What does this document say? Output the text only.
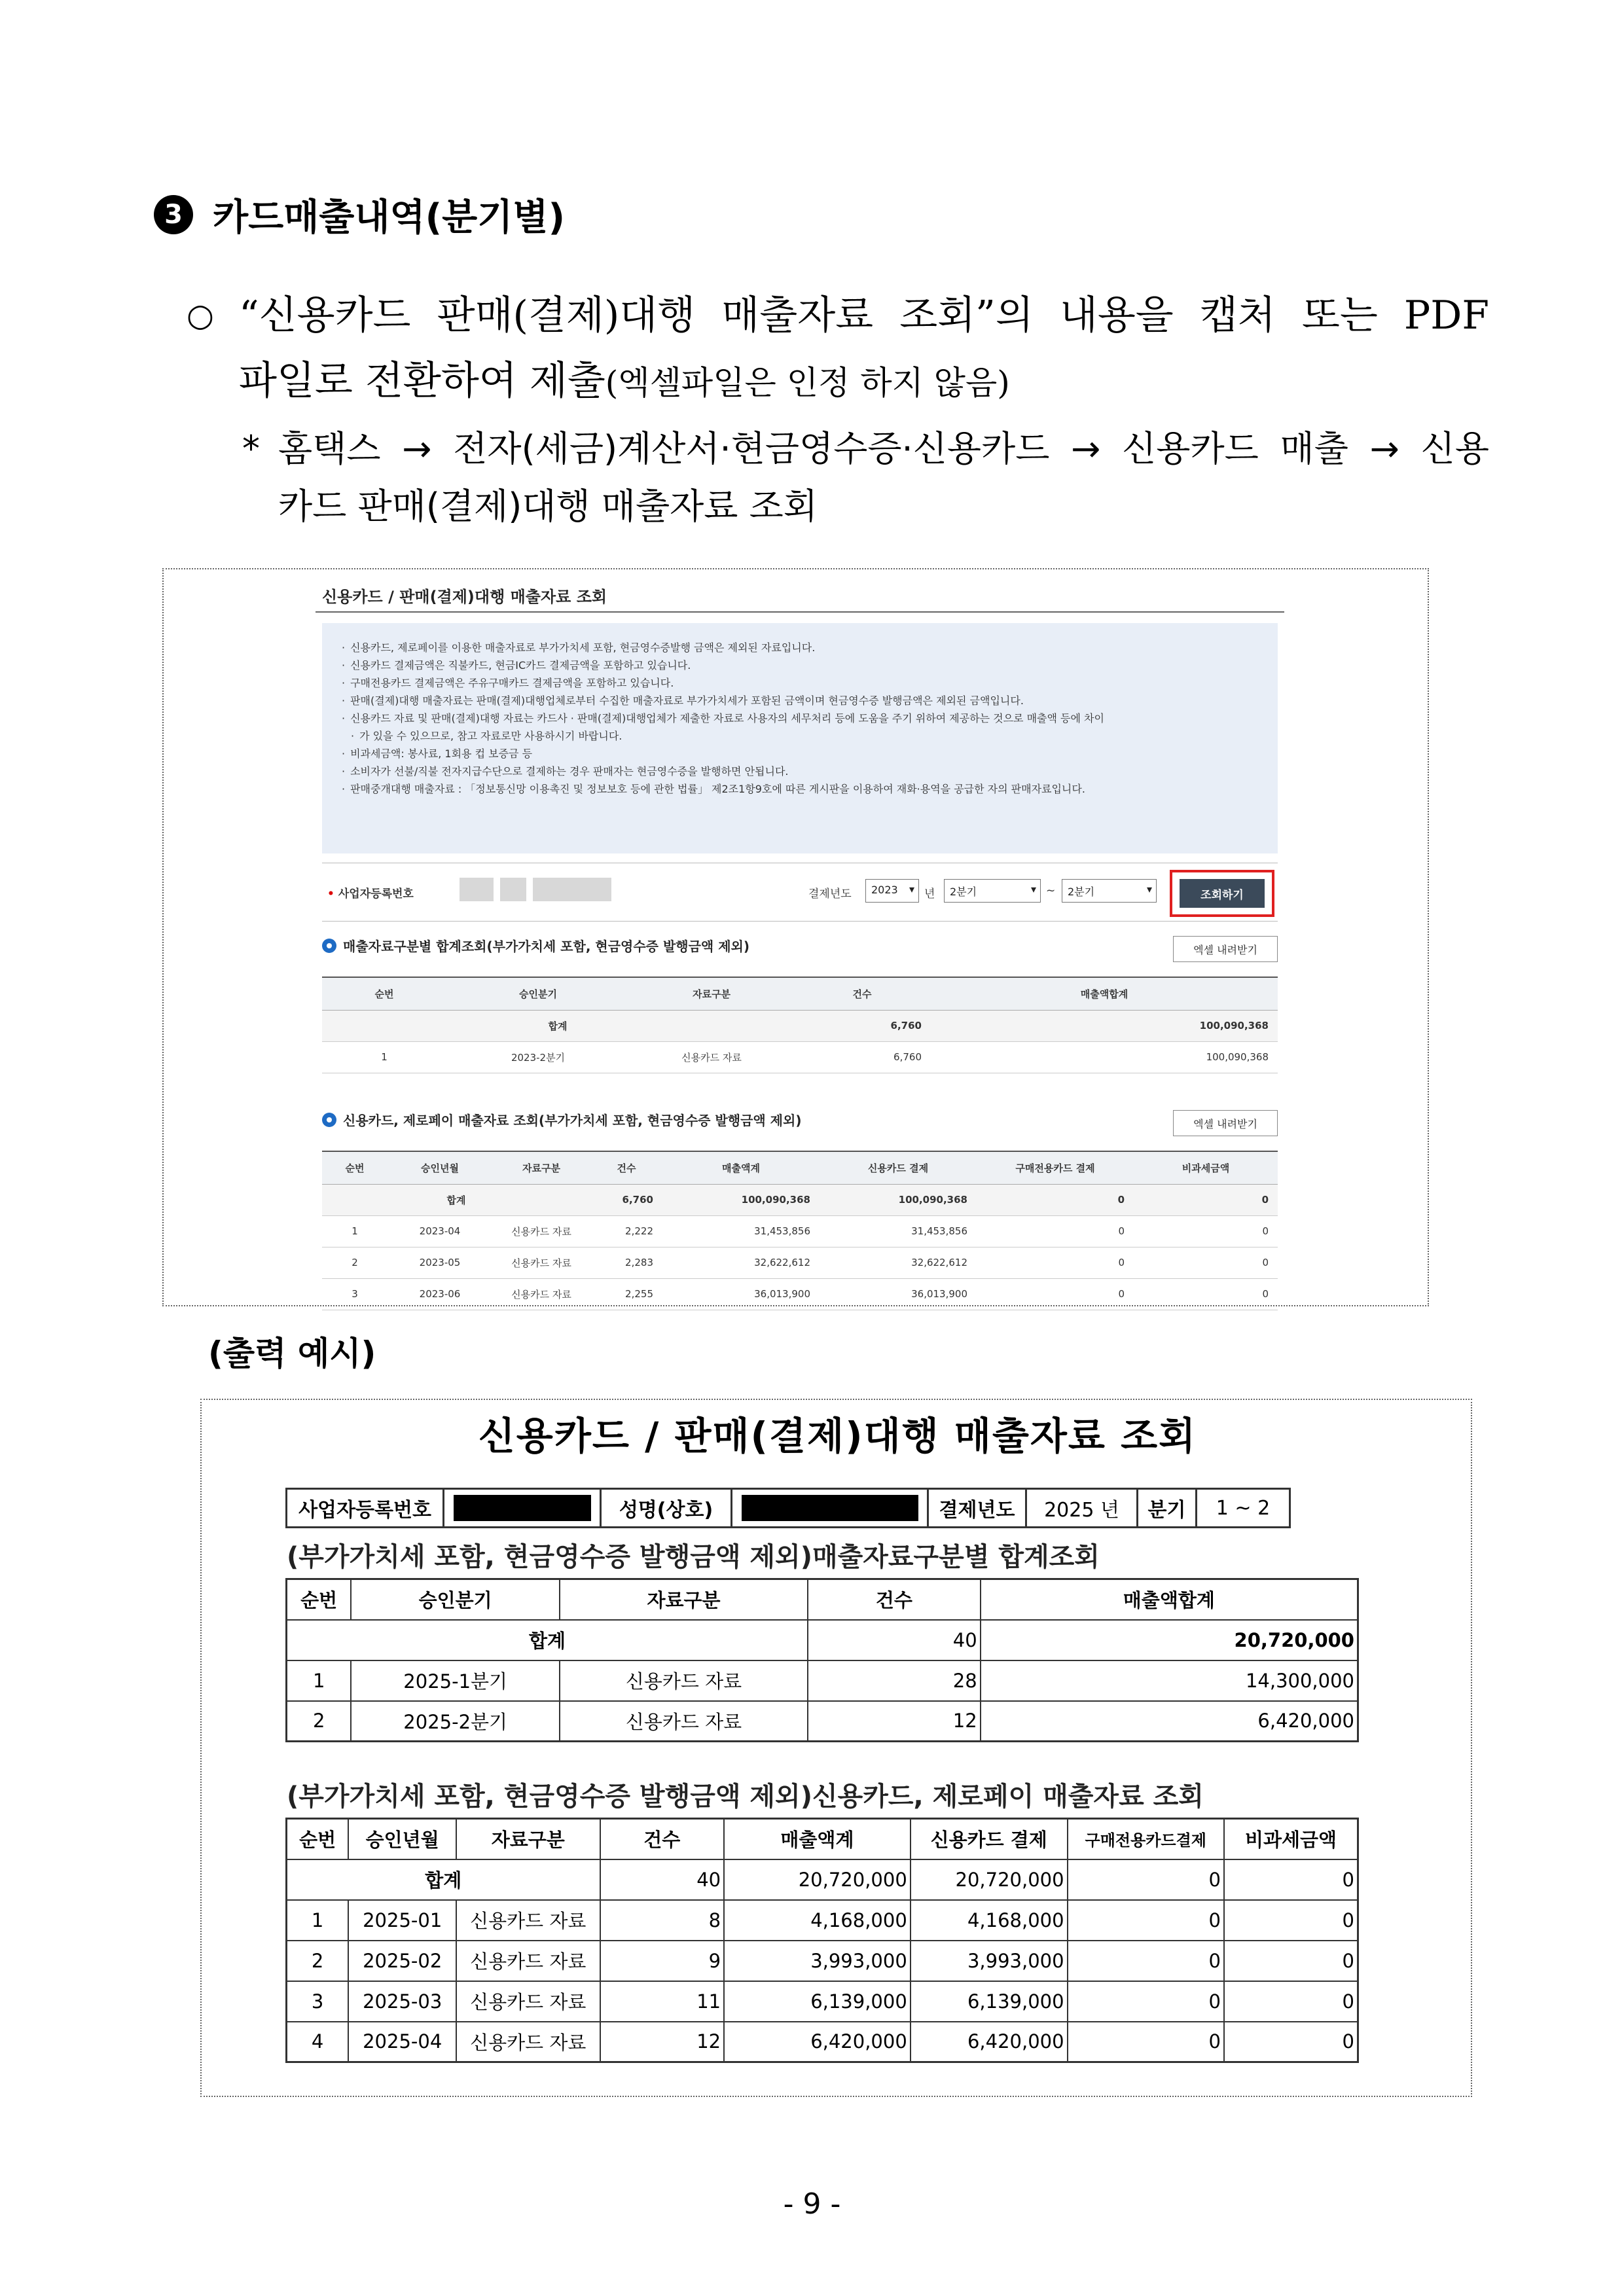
3 카드매출내역(분기별)
○ “신용카드 판매(결제)대행 매출자료 조회”의 내용을 캡처 또는 PDF
파일로 전환하여 제출(엑셀파일은 인정 하지 않음)
* 홈택스 → 전자(세금)계산서·현금영수증·신용카드 → 신용카드 매출 → 신용
카드 판매(결제)대행 매출자료 조회
신용카드 / 판매(결제)대행 매출자료 조회
· 신용카드, 제로페이를 이용한 매출자료로 부가가치세 포함, 현금영수증발행 금액은 제외된 자료입니다.
· 신용카드 결제금액은 직불카드, 현금IC카드 결제금액을 포함하고 있습니다.
· 구매전용카드 결제금액은 주유구매카드 결제금액을 포함하고 있습니다.
· 판매(결제)대행 매출자료는 판매(결제)대행업체로부터 수집한 매출자료로 부가가치세가 포함된 금액이며 현금영수증 발행금액은 제외된 금액입니다.
· 신용카드 자료 및 판매(결제)대행 자료는 카드사 · 판매(결제)대행업체가 제출한 자료로 사용자의 세무처리 등에 도움을 주기 위하여 제공하는 것으로 매출액 등에 차이
· 가 있을 수 있으므로, 참고 자료로만 사용하시기 바랍니다.
· 비과세금액: 봉사료, 1회용 컵 보증금 등
· 소비자가 선불/직불 전자지급수단으로 결제하는 경우 판매자는 현금영수증을 발행하면 안됩니다.
· 판매중개대행 매출자료 : 「정보통신망 이용촉진 및 정보보호 등에 관한 법률」 제2조1항9호에 따른 게시판을 이용하여 재화·용역을 공급한 자의 판매자료입니다.
• 사업자등록번호	결제년도	2023 ▾	년	2분기 ▾	~	2분기 ▾	조회하기
매출자료구분별 합계조회(부가가치세 포함, 현금영수증 발행금액 제외)	엑셀 내려받기
순번	승인분기	자료구분	건수	매출액합계
합계			6,760	100,090,368
1	2023-2분기	신용카드 자료	6,760	100,090,368
신용카드, 제로페이 매출자료 조회(부가가치세 포함, 현금영수증 발행금액 제외)	엑셀 내려받기
순번	승인년월	자료구분	건수	매출액계	신용카드 결제	구매전용카드 결제	비과세금액
합계			6,760	100,090,368	100,090,368	0	0
1	2023-04	신용카드 자료	2,222	31,453,856	31,453,856	0	0
2	2023-05	신용카드 자료	2,283	32,622,612	32,622,612	0	0
3	2023-06	신용카드 자료	2,255	36,013,900	36,013,900	0	0
(출력 예시)
신용카드 / 판매(결제)대행 매출자료 조회
사업자등록번호	성명(상호)	결제년도	2025 년	분기	1 ~ 2
(부가가치세 포함, 현금영수증 발행금액 제외)매출자료구분별 합계조회
순번	승인분기	자료구분	건수	매출액합계
합계			40	20,720,000
1	2025-1분기	신용카드 자료	28	14,300,000
2	2025-2분기	신용카드 자료	12	6,420,000
(부가가치세 포함, 현금영수증 발행금액 제외)신용카드, 제로페이 매출자료 조회
순번	승인년월	자료구분	건수	매출액계	신용카드 결제	구매전용카드결제	비과세금액
합계			40	20,720,000	20,720,000	0	0
1	2025-01	신용카드 자료	8	4,168,000	4,168,000	0	0
2	2025-02	신용카드 자료	9	3,993,000	3,993,000	0	0
3	2025-03	신용카드 자료	11	6,139,000	6,139,000	0	0
4	2025-04	신용카드 자료	12	6,420,000	6,420,000	0	0
- 9 -
